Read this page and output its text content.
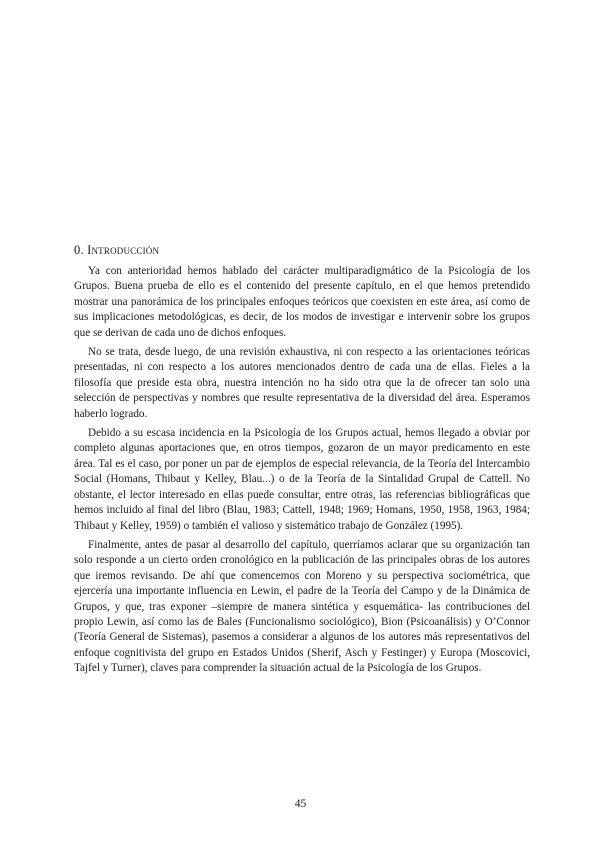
0. Introducción

Ya con anterioridad hemos hablado del carácter multiparadigmático de la Psicología de los Grupos. Buena prueba de ello es el contenido del presente capítulo, en el que hemos pretendido mostrar una panorámica de los principales enfoques teóricos que coexisten en este área, así como de sus implicaciones metodológicas, es decir, de los modos de investigar e intervenir sobre los grupos que se derivan de cada uno de dichos enfoques.

No se trata, desde luego, de una revisión exhaustiva, ni con respecto a las orientaciones teóricas presentadas, ni con respecto a los autores mencionados dentro de cada una de ellas. Fieles a la filosofía que preside esta obra, nuestra intención no ha sido otra que la de ofrecer tan solo una selección de perspectivas y nombres que resulte representativa de la diversidad del área. Esperamos haberlo logrado.

Debido a su escasa incidencia en la Psicología de los Grupos actual, hemos llegado a obviar por completo algunas aportaciones que, en otros tiempos, gozaron de un mayor predicamento en este área. Tal es el caso, por poner un par de ejemplos de especial relevancia, de la Teoría del Intercambio Social (Homans, Thibaut y Kelley, Blau...) o de la Teoría de la Sintalidad Grupal de Cattell. No obstante, el lector interesado en ellas puede consultar, entre otras, las referencias bibliográficas que hemos incluido al final del libro (Blau, 1983; Cattell, 1948; 1969; Homans, 1950, 1958, 1963, 1984; Thibaut y Kelley, 1959) o también el valioso y sistemático trabajo de González (1995).

Finalmente, antes de pasar al desarrollo del capítulo, querríamos aclarar que su organización tan solo responde a un cierto orden cronológico en la publicación de las principales obras de los autores que iremos revisando. De ahí que comencemos con Moreno y su perspectiva sociométrica, que ejercería una importante influencia en Lewin, el padre de la Teoría del Campo y de la Dinámica de Grupos, y que, tras exponer –siempre de manera sintética y esquemática- las contribuciones del propio Lewin, así como las de Bales (Funcionalismo sociológico), Bion (Psicoanálisis) y O’Connor (Teoría General de Sistemas), pasemos a considerar a algunos de los autores más representativos del enfoque cognitivista del grupo en Estados Unidos (Sherif, Asch y Festinger) y Europa (Moscovici, Tajfel y Turner), claves para comprender la situación actual de la Psicología de los Grupos.

45
